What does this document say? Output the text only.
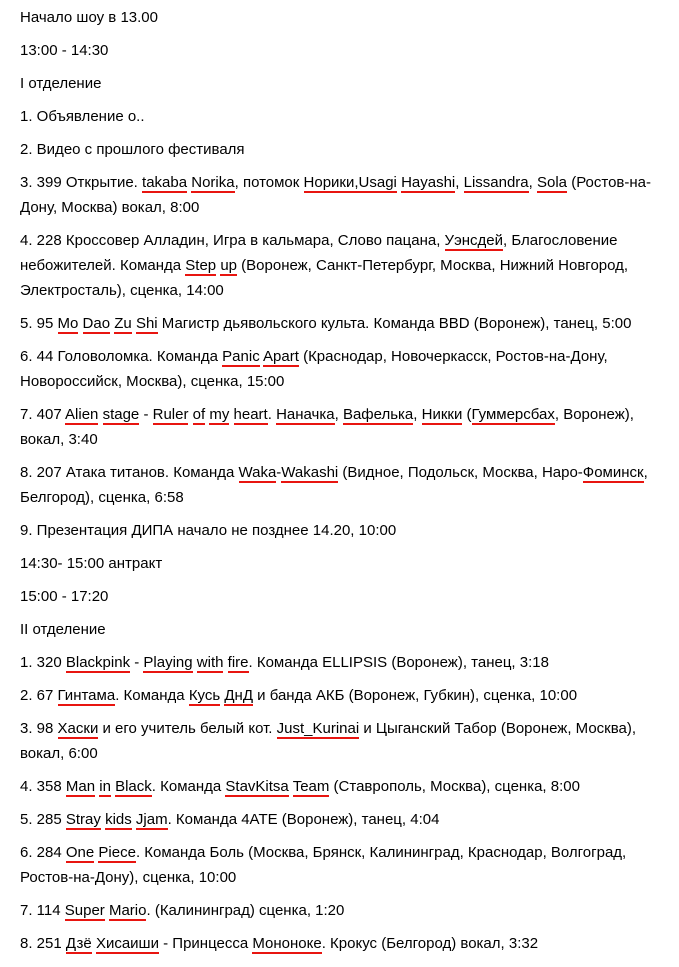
Начало шоу в 13.00

13:00 - 14:30

I отделение

1. Объявление о..

2. Видео с прошлого фестиваля

3. 399 Открытие. takaba Norika, потомок Норики,Usagi Hayashi, Lissandra, Sola (Ростов-на-
Дону, Москва) вокал, 8:00

4. 228 Кроссовер Алладин, Игра в кальмара, Слово пацана, Уэнсдей, Благословение
небожителей. Команда Step up (Воронеж, Санкт-Петербург, Москва, Нижний Новгород,
Электросталь), сценка, 14:00

5. 95 Mo Dao Zu Shi Магистр дьявольского культа. Команда BBD (Воронеж), танец, 5:00

6. 44 Головоломка. Команда Panic Apart (Краснодар, Новочеркасск, Ростов-на-Дону,
Новороссийск, Москва), сценка, 15:00

7. 407 Alien stage - Ruler of my heart. Наначка, Вафелька, Никки (Гуммерсбах, Воронеж),
вокал, 3:40

8. 207 Атака титанов. Команда Waka-Wakashi (Видное, Подольск, Москва, Наро-Фоминск,
Белгород), сценка, 6:58

9. Презентация ДИПА начало не позднее 14.20, 10:00

14:30- 15:00 антракт

15:00 - 17:20

II отделение

1. 320 Blackpink - Playing with fire. Команда ELLIPSIS (Воронеж), танец, 3:18

2. 67 Гинтама. Команда Кусь ДнД и банда АКБ (Воронеж, Губкин), сценка, 10:00

3. 98 Хаски и его учитель белый кот. Just_Kurinai и Цыганский Табор (Воронеж, Москва),
вокал, 6:00

4. 358 Man in Black. Команда StavKitsa Team (Ставрополь, Москва), сценка, 8:00

5. 285 Stray kids Jjam. Команда 4ATE (Воронеж), танец, 4:04

6. 284 One Piece. Команда Боль (Москва, Брянск, Калининград, Краснодар, Волгоград,
Ростов-на-Дону), сценка, 10:00

7. 114 Super Mario. (Калининград) сценка, 1:20

8. 251 Дзё Хисаиши - Принцесса Мононоке. Крокус (Белгород) вокал, 3:32
